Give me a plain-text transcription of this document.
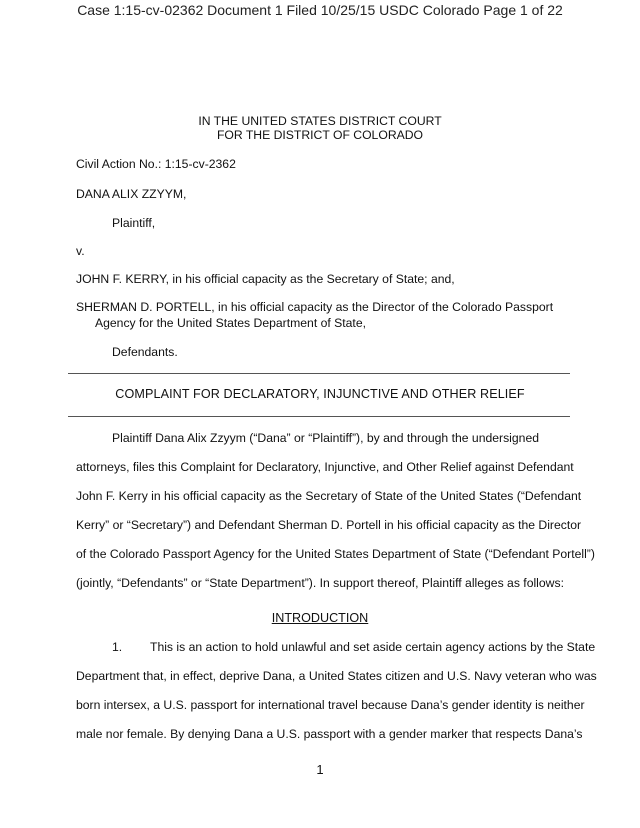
Case 1:15-cv-02362 Document 1 Filed 10/25/15 USDC Colorado Page 1 of 22
IN THE UNITED STATES DISTRICT COURT
FOR THE DISTRICT OF COLORADO
Civil Action No.: 1:15-cv-2362
DANA ALIX ZZYYM,
Plaintiff,
v.
JOHN F. KERRY, in his official capacity as the Secretary of State; and,
SHERMAN D. PORTELL, in his official capacity as the Director of the Colorado Passport
Agency for the United States Department of State,
Defendants.
COMPLAINT FOR DECLARATORY, INJUNCTIVE AND OTHER RELIEF
Plaintiff Dana Alix Zzyym (“Dana” or “Plaintiff”), by and through the undersigned
attorneys, files this Complaint for Declaratory, Injunctive, and Other Relief against Defendant
John F. Kerry in his official capacity as the Secretary of State of the United States (“Defendant
Kerry” or “Secretary”) and Defendant Sherman D. Portell in his official capacity as the Director
of the Colorado Passport Agency for the United States Department of State (“Defendant Portell”)
(jointly, “Defendants” or “State Department”). In support thereof, Plaintiff alleges as follows:
INTRODUCTION
1. This is an action to hold unlawful and set aside certain agency actions by the State
Department that, in effect, deprive Dana, a United States citizen and U.S. Navy veteran who was
born intersex, a U.S. passport for international travel because Dana’s gender identity is neither
male nor female. By denying Dana a U.S. passport with a gender marker that respects Dana’s
1
